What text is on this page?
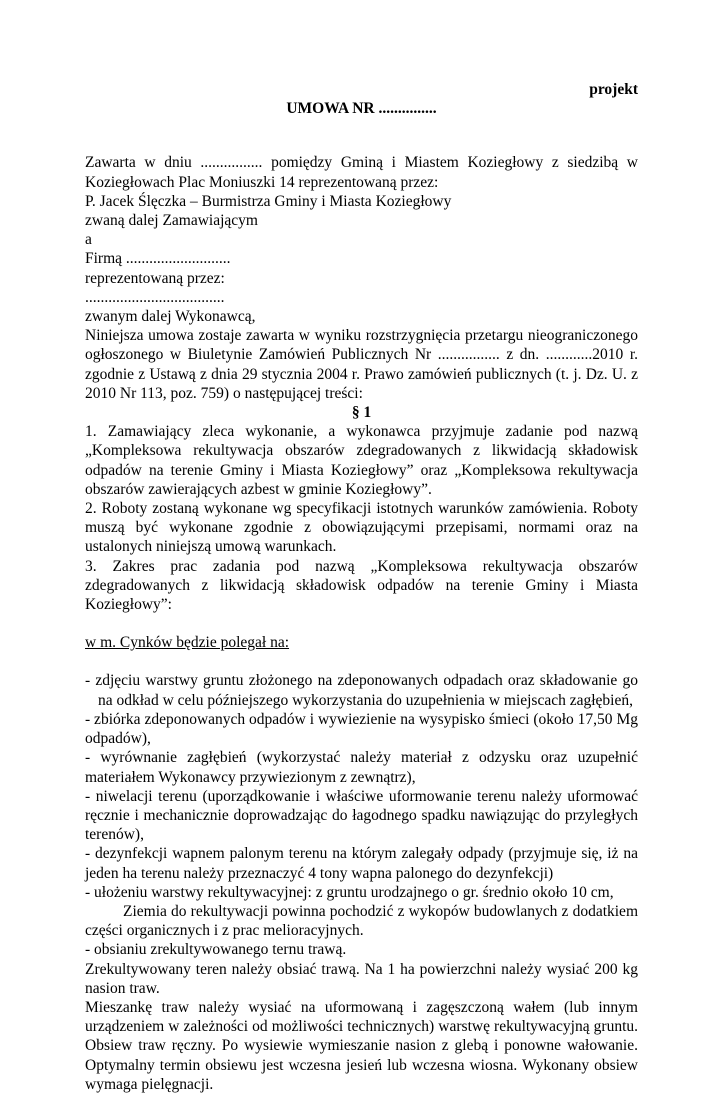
projekt
UMOWA NR ...............
Zawarta w dniu ................ pomiędzy Gminą i Miastem Koziegłowy z siedzibą w Koziegłowach Plac Moniuszki 14 reprezentowaną przez:
P. Jacek Ślęczka – Burmistrza Gminy i Miasta Koziegłowy
zwaną dalej Zamawiającym
a
Firmą ...........................
reprezentowaną przez:
....................................
zwanym dalej Wykonawcą,
Niniejsza umowa zostaje zawarta w wyniku rozstrzygnięcia przetargu nieograniczonego ogłoszonego w Biuletynie Zamówień Publicznych Nr ................ z dn. ............2010 r. zgodnie z Ustawą z dnia 29 stycznia 2004 r. Prawo zamówień publicznych (t. j. Dz. U. z 2010 Nr 113, poz. 759) o następującej treści:
§ 1
1. Zamawiający zleca wykonanie, a wykonawca przyjmuje zadanie pod nazwą „Kompleksowa rekultywacja obszarów zdegradowanych z likwidacją składowisk odpadów na terenie Gminy i Miasta Koziegłowy” oraz „Kompleksowa rekultywacja obszarów zawierających azbest w gminie Koziegłowy”.
2. Roboty zostaną wykonane wg specyfikacji istotnych warunków zamówienia. Roboty muszą być wykonane zgodnie z obowiązującymi przepisami, normami oraz na ustalonych niniejszą umową warunkach.
3. Zakres prac zadania pod nazwą „Kompleksowa rekultywacja obszarów zdegradowanych z likwidacją składowisk odpadów na terenie Gminy i Miasta Koziegłowy”:
w m. Cynków będzie polegał na:
- zdjęciu warstwy gruntu złożonego na zdeponowanych odpadach oraz składowanie go na odkład w celu późniejszego wykorzystania do uzupełnienia w miejscach zagłębień,
- zbiórka zdeponowanych odpadów i wywiezienie na wysypisko śmieci (około 17,50 Mg odpadów),
- wyrównanie zagłębień (wykorzystać należy materiał z odzysku oraz uzupełnić materiałem Wykonawcy przywiezionym z zewnątrz),
- niwelacji terenu (uporządkowanie i właściwe uformowanie terenu należy uformować ręcznie i mechanicznie doprowadzając do łagodnego spadku nawiązując do przyległych terenów),
- dezynfekcji wapnem palonym terenu na którym zalegały odpady (przyjmuje się, iż na jeden ha terenu należy przeznaczyć 4 tony wapna palonego do dezynfekcji)
- ułożeniu warstwy rekultywacyjnej: z gruntu urodzajnego o gr. średnio około 10 cm,
Ziemia do rekultywacji powinna pochodzić z wykopów budowlanych z dodatkiem części organicznych i z prac melioracyjnych.
- obsianiu zrekultywowanego ternu trawą.
Zrekultywowany teren należy obsiać trawą. Na 1 ha powierzchni należy wysiać 200 kg nasion traw.
Mieszankę traw należy wysiać na uformowaną i zagęszczoną wałem (lub innym urządzeniem w zależności od możliwości technicznych) warstwę rekultywacyjną gruntu. Obsiew traw ręczny. Po wysiewie wymieszanie nasion z glebą i ponowne wałowanie. Optymalny termin obsiewu jest wczesna jesień lub wczesna wiosna. Wykonany obsiew wymaga pielęgnacji.
